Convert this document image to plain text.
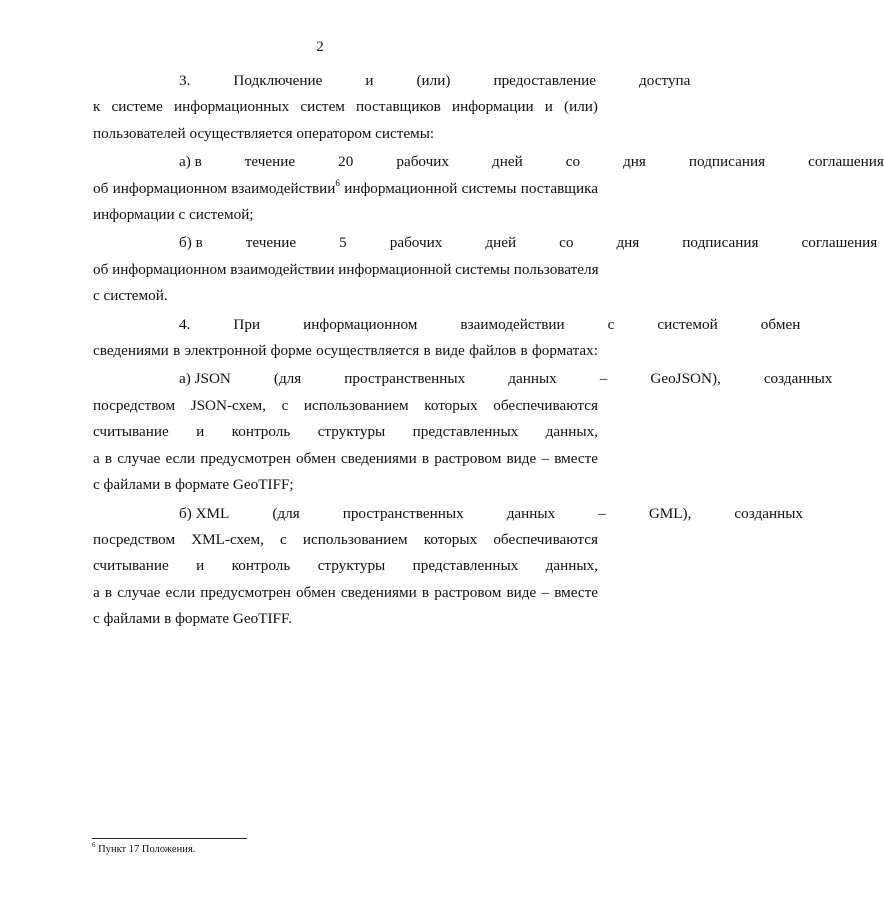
2
3.	Подключение	и	(или)	предоставление	доступа
к системе информационных систем поставщиков информации и (или)
пользователей осуществляется оператором системы:
а) в	течение	20	рабочих	дней	со	дня	подписания	соглашения
об информационном взаимодействии$^6$ информационной системы поставщика
информации с системой;
б) в	течение	5	рабочих	дней	со	дня	подписания	соглашения
об информационном взаимодействии информационной системы пользователя
с системой.
4.	При	информационном	взаимодействии	с	системой	обмен
сведениями в электронной форме осуществляется в виде файлов в форматах:
а) JSON	(для	пространственных	данных	–	GeoJSON),	созданных
посредством JSON-схем, с использованием которых обеспечиваются
считывание и контроль структуры представленных данных,
а в случае если предусмотрен обмен сведениями в растровом виде – вместе
с файлами в формате GeoTIFF;
б) XML	(для	пространственных	данных	–	GML),	созданных
посредством XML-схем, с использованием которых обеспечиваются
считывание и контроль структуры представленных данных,
а в случае если предусмотрен обмен сведениями в растровом виде – вместе
с файлами в формате GeoTIFF.
$^6$ Пункт 17 Положения.
